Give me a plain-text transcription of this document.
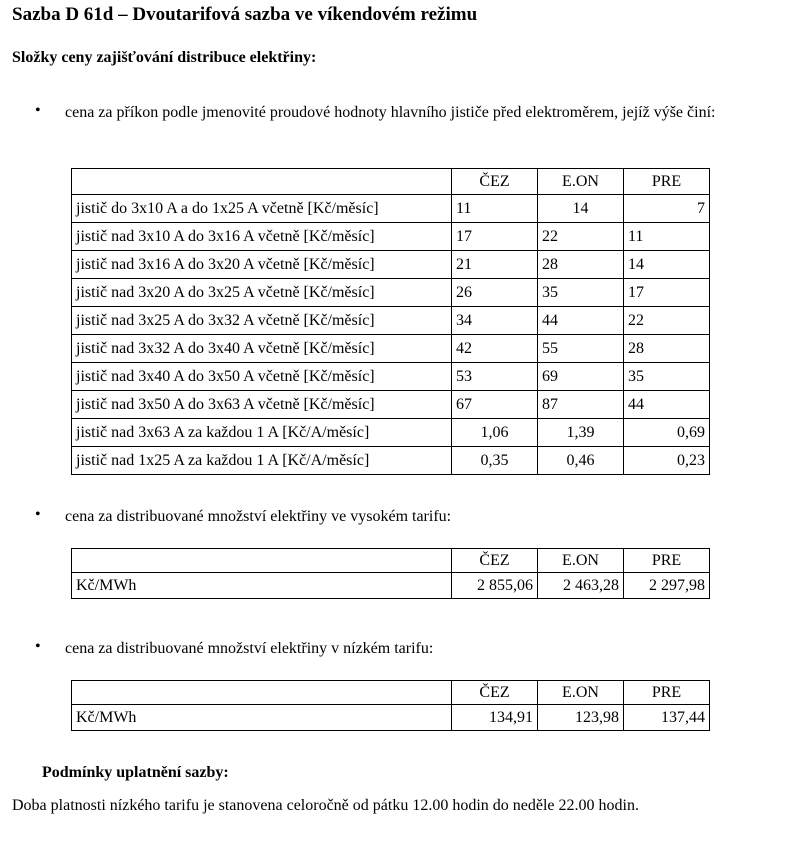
Sazba D 61d – Dvoutarifová sazba ve víkendovém režimu
Složky ceny zajišťování distribuce elektřiny:
• cena za příkon podle jmenovité proudové hodnoty hlavního jističe před elektroměrem, jejíž výše činí:
	ČEZ	E.ON	PRE
jistič do 3x10 A a do 1x25 A včetně [Kč/měsíc]	11	14	7
jistič nad 3x10 A do 3x16 A včetně [Kč/měsíc]	17	22	11
jistič nad 3x16 A do 3x20 A včetně [Kč/měsíc]	21	28	14
jistič nad 3x20 A do 3x25 A včetně [Kč/měsíc]	26	35	17
jistič nad 3x25 A do 3x32 A včetně [Kč/měsíc]	34	44	22
jistič nad 3x32 A do 3x40 A včetně [Kč/měsíc]	42	55	28
jistič nad 3x40 A do 3x50 A včetně [Kč/měsíc]	53	69	35
jistič nad 3x50 A do 3x63 A včetně [Kč/měsíc]	67	87	44
jistič nad 3x63 A za každou 1 A [Kč/A/měsíc]	1,06	1,39	0,69
jistič nad 1x25 A za každou 1 A [Kč/A/měsíc]	0,35	0,46	0,23
• cena za distribuované množství elektřiny ve vysokém tarifu:
	ČEZ	E.ON	PRE
Kč/MWh	2 855,06	2 463,28	2 297,98
• cena za distribuované množství elektřiny v nízkém tarifu:
	ČEZ	E.ON	PRE
Kč/MWh	134,91	123,98	137,44
Podmínky uplatnění sazby:
Doba platnosti nízkého tarifu je stanovena celoročně od pátku 12.00 hodin do neděle 22.00 hodin.
